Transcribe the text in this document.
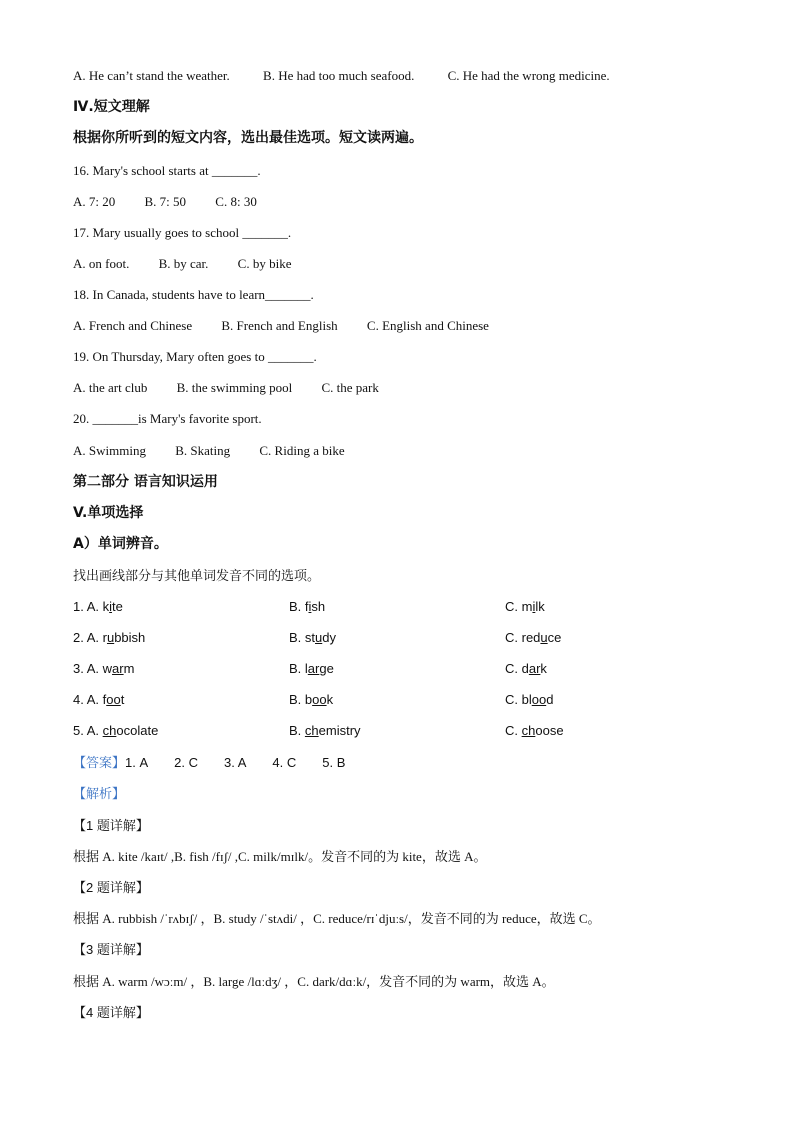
A. He can’t stand the weather.	B. He had too much seafood.	C. He had the wrong medicine.
Ⅳ.短文理解
根据你所听到的短文内容，选出最佳选项。短文读两遍。
16. Mary's school starts at _______.
A. 7: 20 B. 7: 50 C. 8: 30
17. Mary usually goes to school _______.
A. on foot. B. by car. C. by bike
18. In Canada, students have to learn_______.
A. French and Chinese B. French and English C. English and Chinese
19. On Thursday, Mary often goes to _______.
A. the art club B. the swimming pool C. the park
20. _______is Mary's favorite sport.
A. Swimming B. Skating C. Riding a bike
第二部分 语言知识运用
V.单项选择
A）单词辨音。
找出画线部分与其他单词发音不同的选项。
1. A. kite	B. fish	C. milk
2. A. rubbish	B. study	C. reduce
3. A. warm	B. large	C. dark
4. A. foot	B. book	C. blood
5. A. chocolate	B. chemistry	C. choose
【答案】1. A 2. C 3. A 4. C 5. B
【解析】
【1 题详解】
根据 A. kite /kaɪt/ ,B. fish /fɪʃ/ ,C. milk/mɪlk/。发音不同的为 kite，故选 A。
【2 题详解】
根据 A. rubbish /ˈrʌbɪʃ/ ，B. study /ˈstʌdi/ ，C. reduce/rɪˈdjuːs/，发音不同的为 reduce，故选 C。
【3 题详解】
根据 A. warm /wɔːm/ ，B. large /lɑːdʒ/ ，C. dark/dɑːk/，发音不同的为 warm，故选 A。
【4 题详解】
